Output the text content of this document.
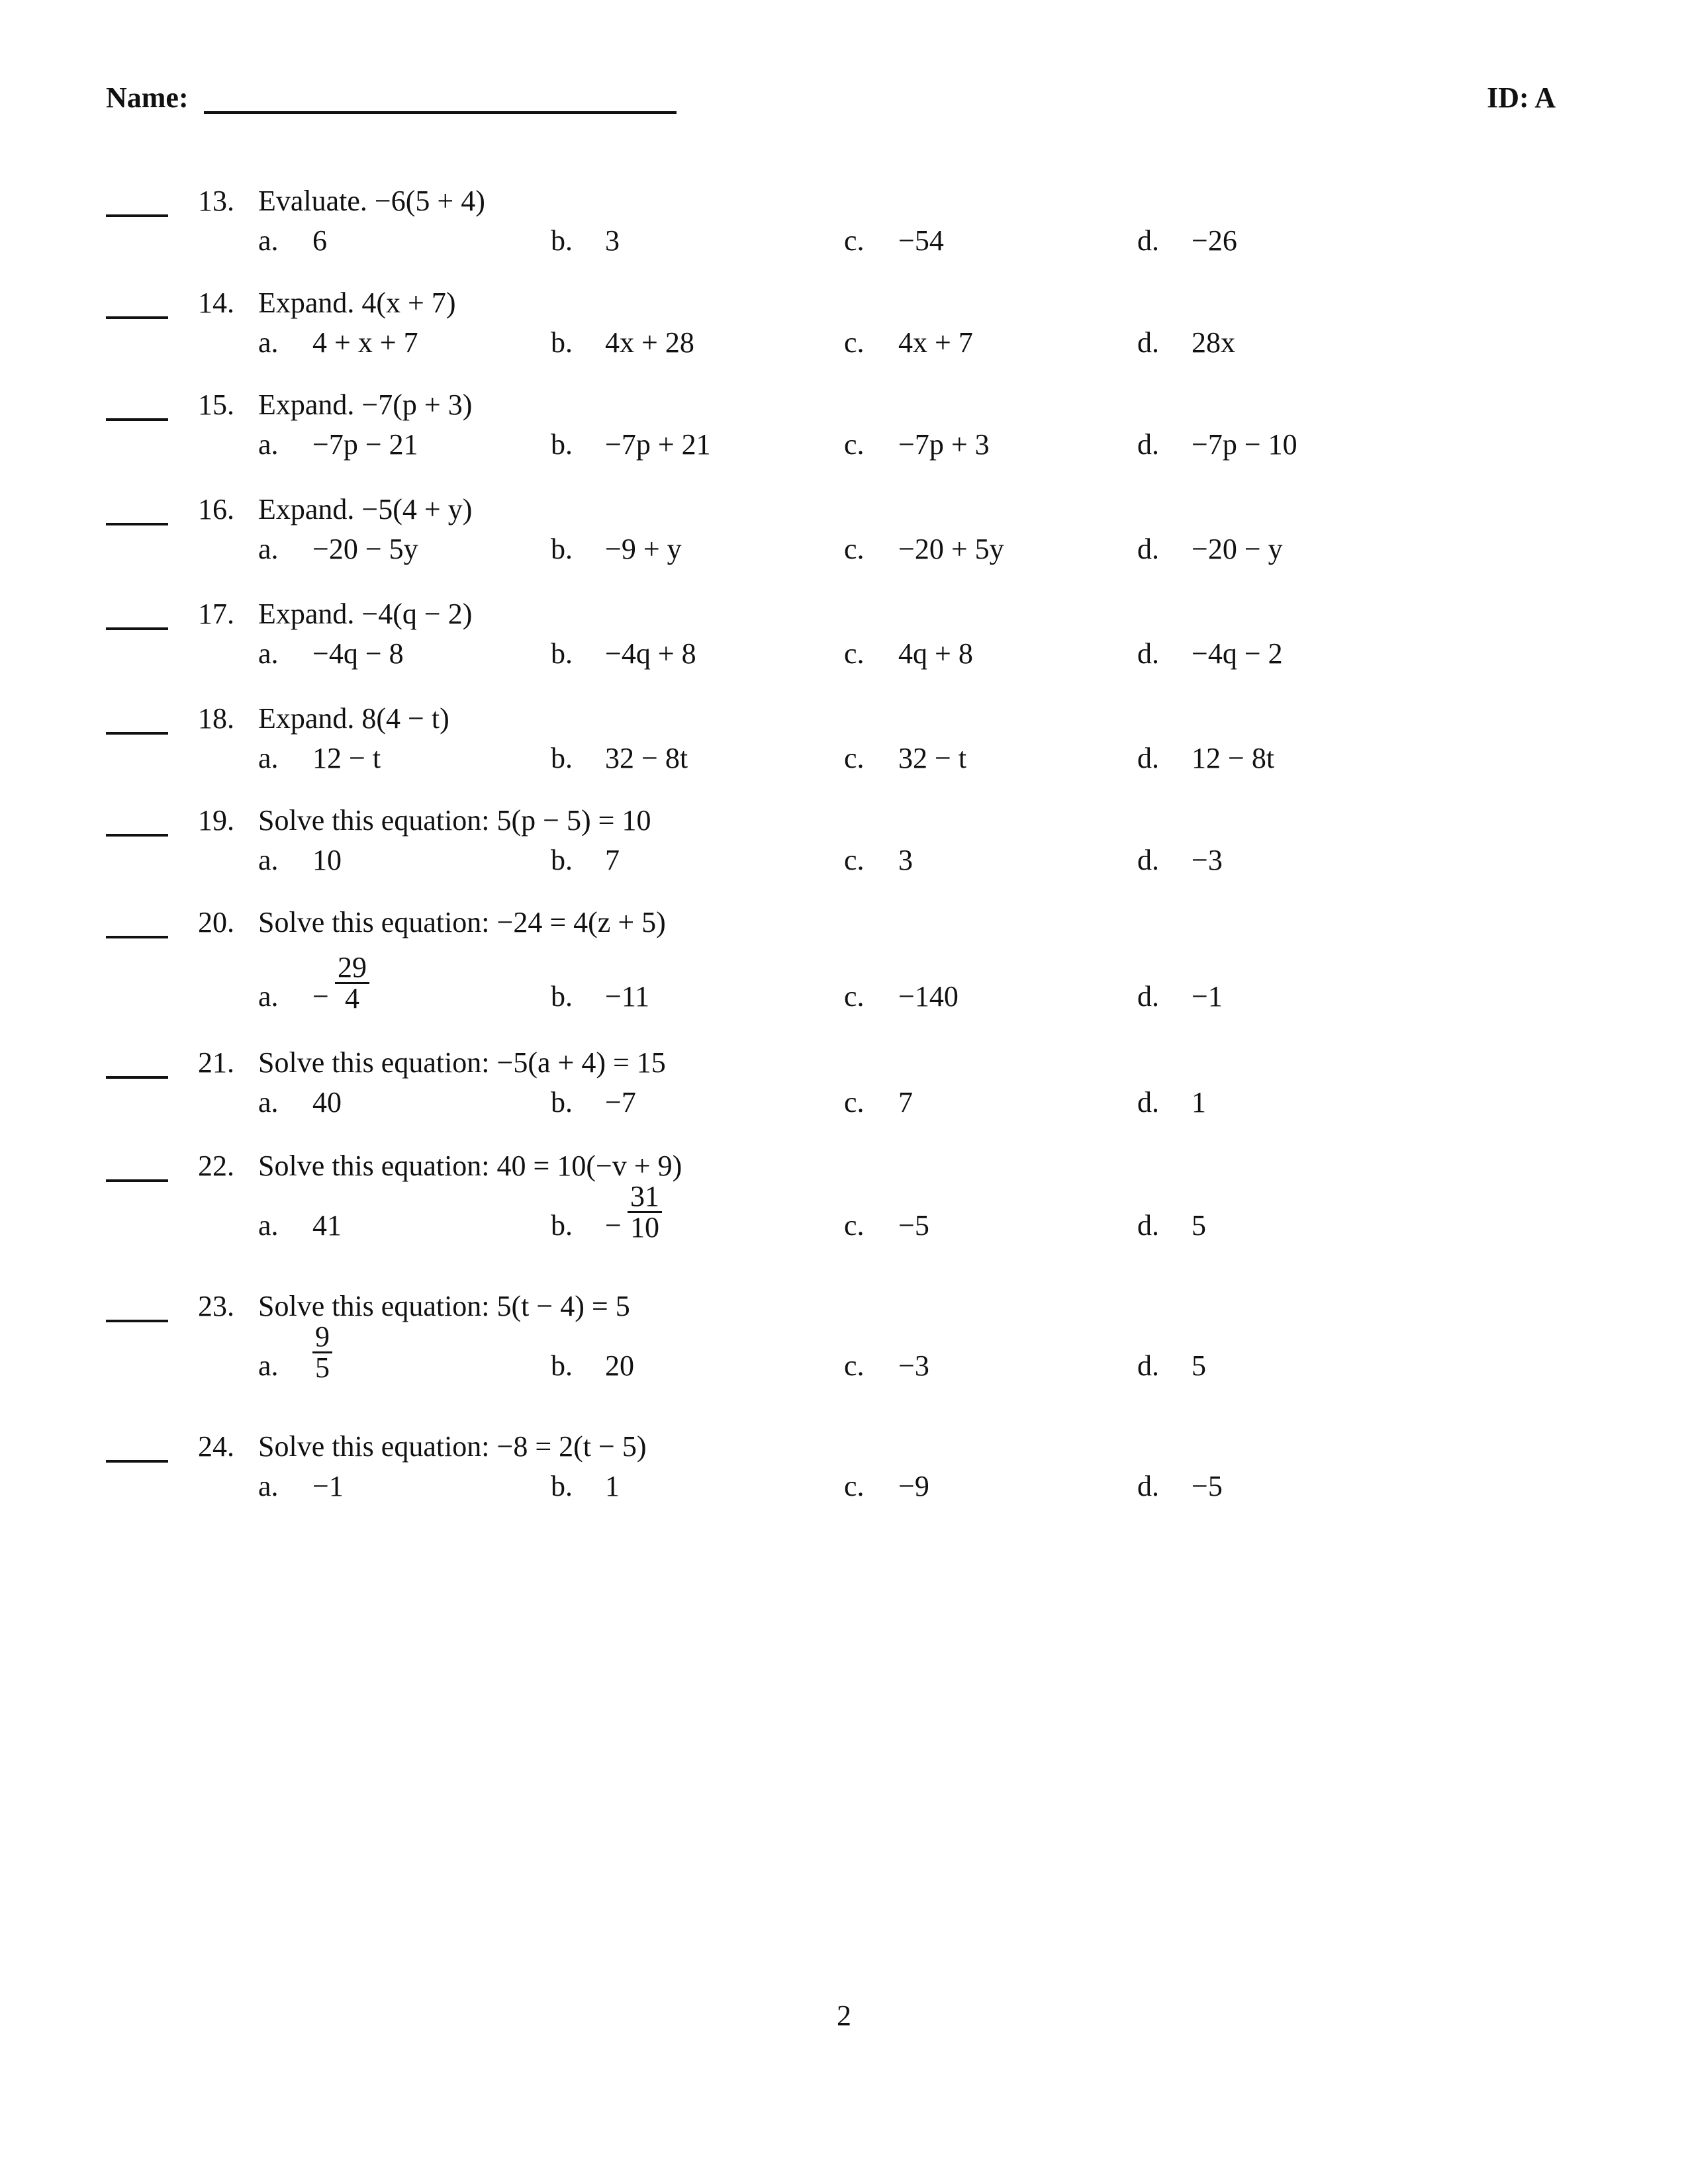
Name:	ID: A
13. Evaluate. −6(5 + 4)
a. 6	b. 3	c. −54	d. −26
14. Expand. 4(x + 7)
a. 4 + x + 7	b. 4x + 28	c. 4x + 7	d. 28x
15. Expand. −7(p + 3)
a. −7p − 21	b. −7p + 21	c. −7p + 3	d. −7p − 10
16. Expand. −5(4 + y)
a. −20 − 5y	b. −9 + y	c. −20 + 5y	d. −20 − y
17. Expand. −4(q − 2)
a. −4q − 8	b. −4q + 8	c. 4q + 8	d. −4q − 2
18. Expand. 8(4 − t)
a. 12 − t	b. 32 − 8t	c. 32 − t	d. 12 − 8t
19. Solve this equation: 5(p − 5) = 10
a. 10	b. 7	c. 3	d. −3
20. Solve this equation: −24 = 4(z + 5)
a. − $\frac{29}{4}$	b. −11	c. −140	d. −1
21. Solve this equation: −5(a + 4) = 15
a. 40	b. −7	c. 7	d. 1
22. Solve this equation: 40 = 10(−v + 9)
a. 41	b. − $\frac{31}{10}$	c. −5	d. 5
23. Solve this equation: 5(t − 4) = 5
a. $\frac{9}{5}$	b. 20	c. −3	d. 5
24. Solve this equation: −8 = 2(t − 5)
a. −1	b. 1	c. −9	d. −5
2
